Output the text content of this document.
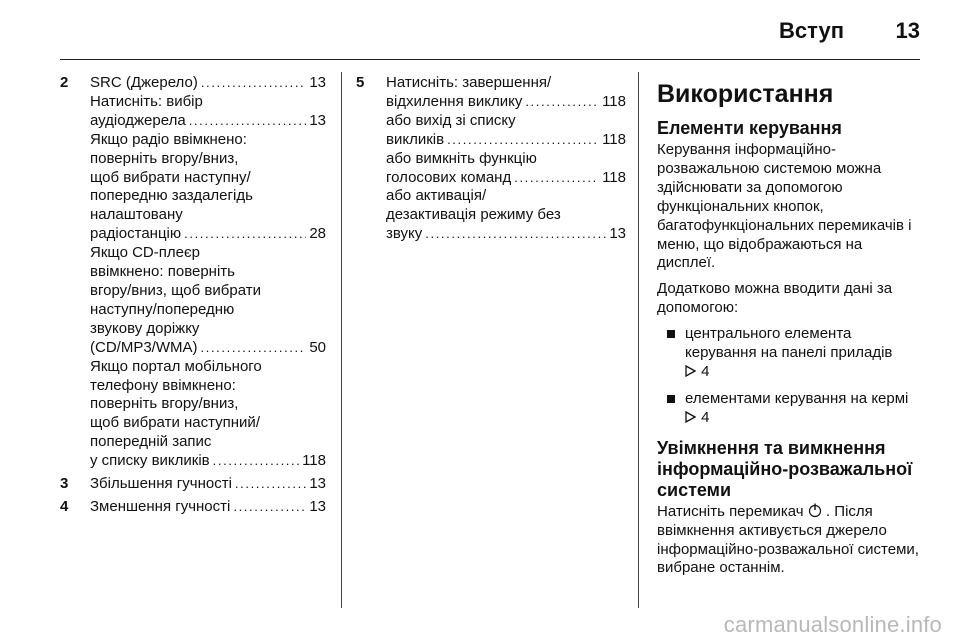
Вступ 13
2 SRC (Джерело) . . .	13
Натисніть: вибір
аудіоджерела . . .	13
Якщо радіо ввімкнено:
поверніть вгору/вниз,
щоб вибрати наступну/
попередню заздалегідь
налаштовану
радіостанцію . . .	28
Якщо CD-плеєр
ввімкнено: поверніть
вгору/вниз, щоб вибрати
наступну/попередню
звукову доріжку
(CD/MP3/WMA) . . .	50
Якщо портал мобільного
телефону ввімкнено:
поверніть вгору/вниз,
щоб вибрати наступний/
попередній запис
у списку викликів . . .	118
3 Збільшення гучності . . .	13
4 Зменшення гучності . . .	13
5 Натисніть: завершення/
відхилення виклику . . .	118
або вихід зі списку
викликів . . .	118
або вимкніть функцію
голосових команд . . .	118
або активація/
дезактивація режиму без
звуку . . .	13
Використання
Елементи керування
Керування інформаційно-розважальною системою можна здійснювати за допомогою функціональних кнопок, багатофункціональних перемикачів і меню, що відображаються на дисплеї.
Додатково можна вводити дані за допомогою:
центрального елемента керування на панелі приладів
4
елементами керування на кермі
4
Увімкнення та вимкнення інформаційно-розважальної системи
Натисніть перемикач . Після ввімкнення активується джерело інформаційно-розважальної системи, вибране останнім.
carmanualsonline.info
